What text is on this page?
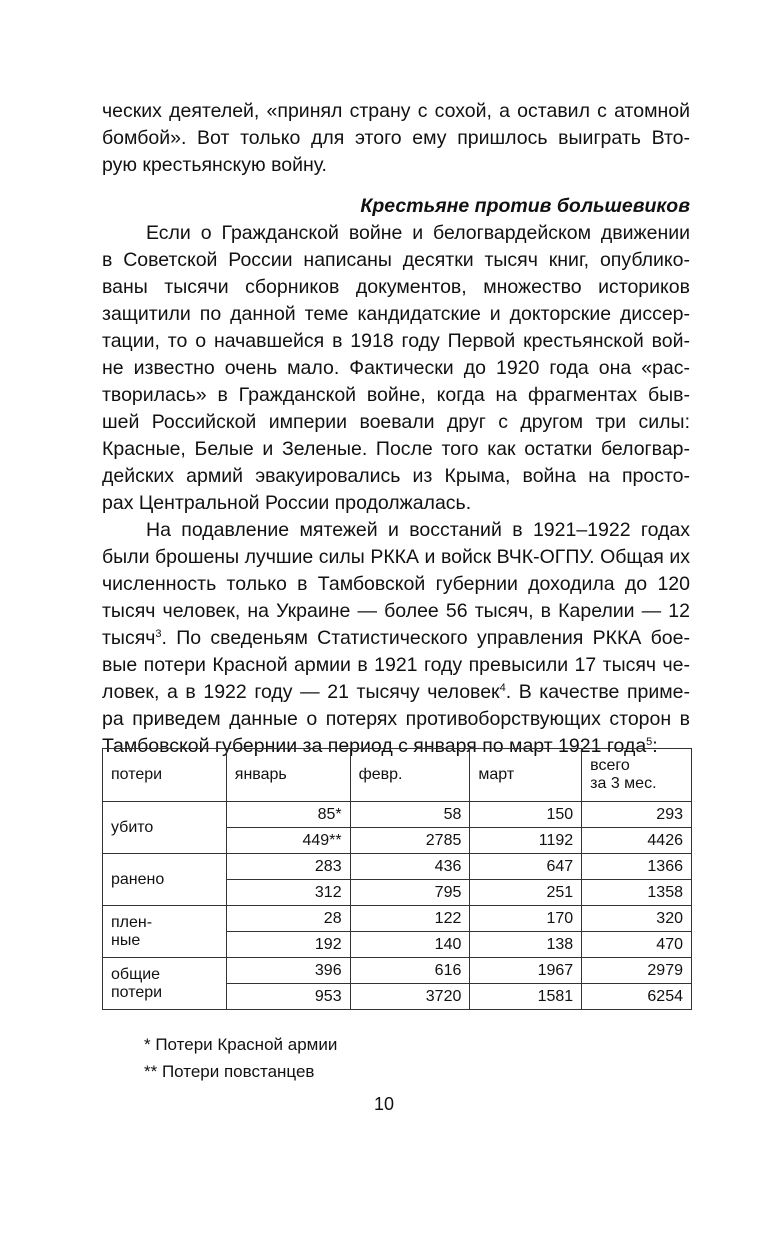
ческих деятелей, «принял страну с сохой, а оставил с атомной
бомбой». Вот только для этого ему пришлось выиграть Вто-
рую крестьянскую войну.
Крестьяне против большевиков
Если о Гражданской войне и белогвардейском движении
в Советской России написаны десятки тысяч книг, опублико-
ваны тысячи сборников документов, множество историков
защитили по данной теме кандидатские и докторские диссер-
тации, то о начавшейся в 1918 году Первой крестьянской вой-
не известно очень мало. Фактически до 1920 года она «рас-
творилась» в Гражданской войне, когда на фрагментах быв-
шей Российской империи воевали друг с другом три силы:
Красные, Белые и Зеленые. После того как остатки белогвар-
дейских армий эвакуировались из Крыма, война на просто-
рах Центральной России продолжалась.
На подавление мятежей и восстаний в 1921–1922 годах
были брошены лучшие силы РККА и войск ВЧК-ОГПУ. Общая их
численность только в Тамбовской губернии доходила до 120
тысяч человек, на Украине — более 56 тысяч, в Карелии — 12
тысяч$^3$. По сведеньям Статистического управления РККА бое-
вые потери Красной армии в 1921 году превысили 17 тысяч че-
ловек, а в 1922 году — 21 тысячу человек$^4$. В качестве приме-
ра приведем данные о потерях противоборствующих сторон в
Тамбовской губернии за период с января по март 1921 года$^5$:
потери	январь	февр.	март	всего
за 3 мес.

убито	85*	58	150	293
	449**	2785	1192	4426
ранено	283	436	647	1366
	312	795	251	1358

плен-
ные	28	122	170	320
	192	140	138	470

общие
потери	396	616	1967	2979
	953	3720	1581	6254
* Потери Красной армии
** Потери повстанцев
10
